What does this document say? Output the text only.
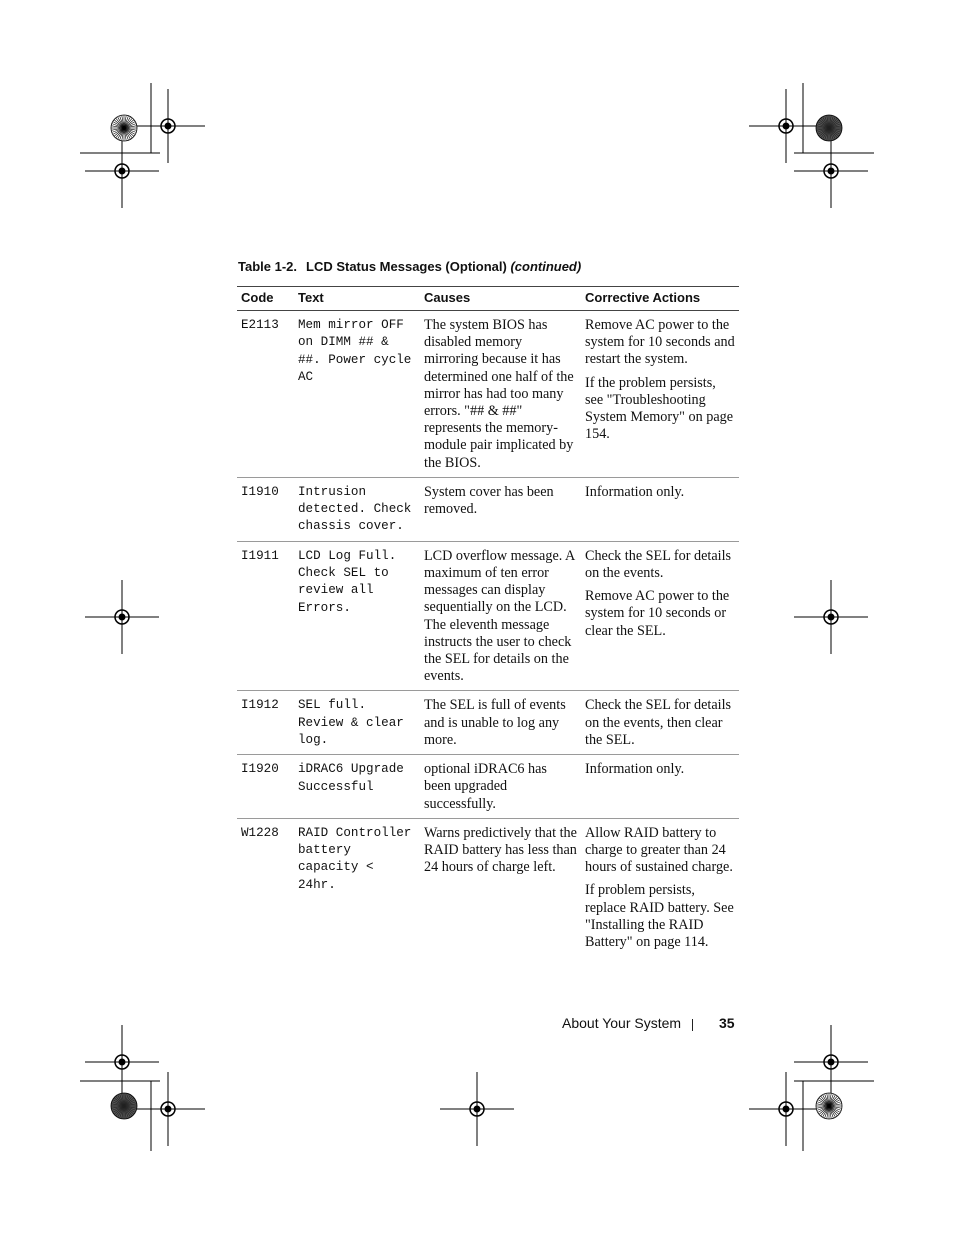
Table 1-2. LCD Status Messages (Optional) (continued)
Code	Text	Causes	Corrective Actions
E2113	Mem mirror OFF on DIMM ## & ##. Power cycle AC	The system BIOS has disabled memory mirroring because it has determined one half of the mirror has had too many errors. "## & ##" represents the memory-module pair implicated by the BIOS.	Remove AC power to the system for 10 seconds and restart the system.

If the problem persists, see "Troubleshooting System Memory" on page 154.

I1910	Intrusion detected. Check chassis cover.	System cover has been removed.	Information only.

I1911	LCD Log Full. Check SEL to review all Errors.	LCD overflow message. A maximum of ten error messages can display sequentially on the LCD. The eleventh message instructs the user to check the SEL for details on the events.	Check the SEL for details on the events.

Remove AC power to the system for 10 seconds or clear the SEL.

I1912	SEL full. Review & clear log.	The SEL is full of events and is unable to log any more.	Check the SEL for details on the events, then clear the SEL.

I1920	iDRAC6 Upgrade Successful	optional iDRAC6 has been upgraded successfully.	Information only.

W1228	RAID Controller battery capacity < 24hr.	Warns predictively that the RAID battery has less than 24 hours of charge left.	Allow RAID battery to charge to greater than 24 hours of sustained charge.

If problem persists, replace RAID battery. See "Installing the RAID Battery" on page 114.

About Your System	35
